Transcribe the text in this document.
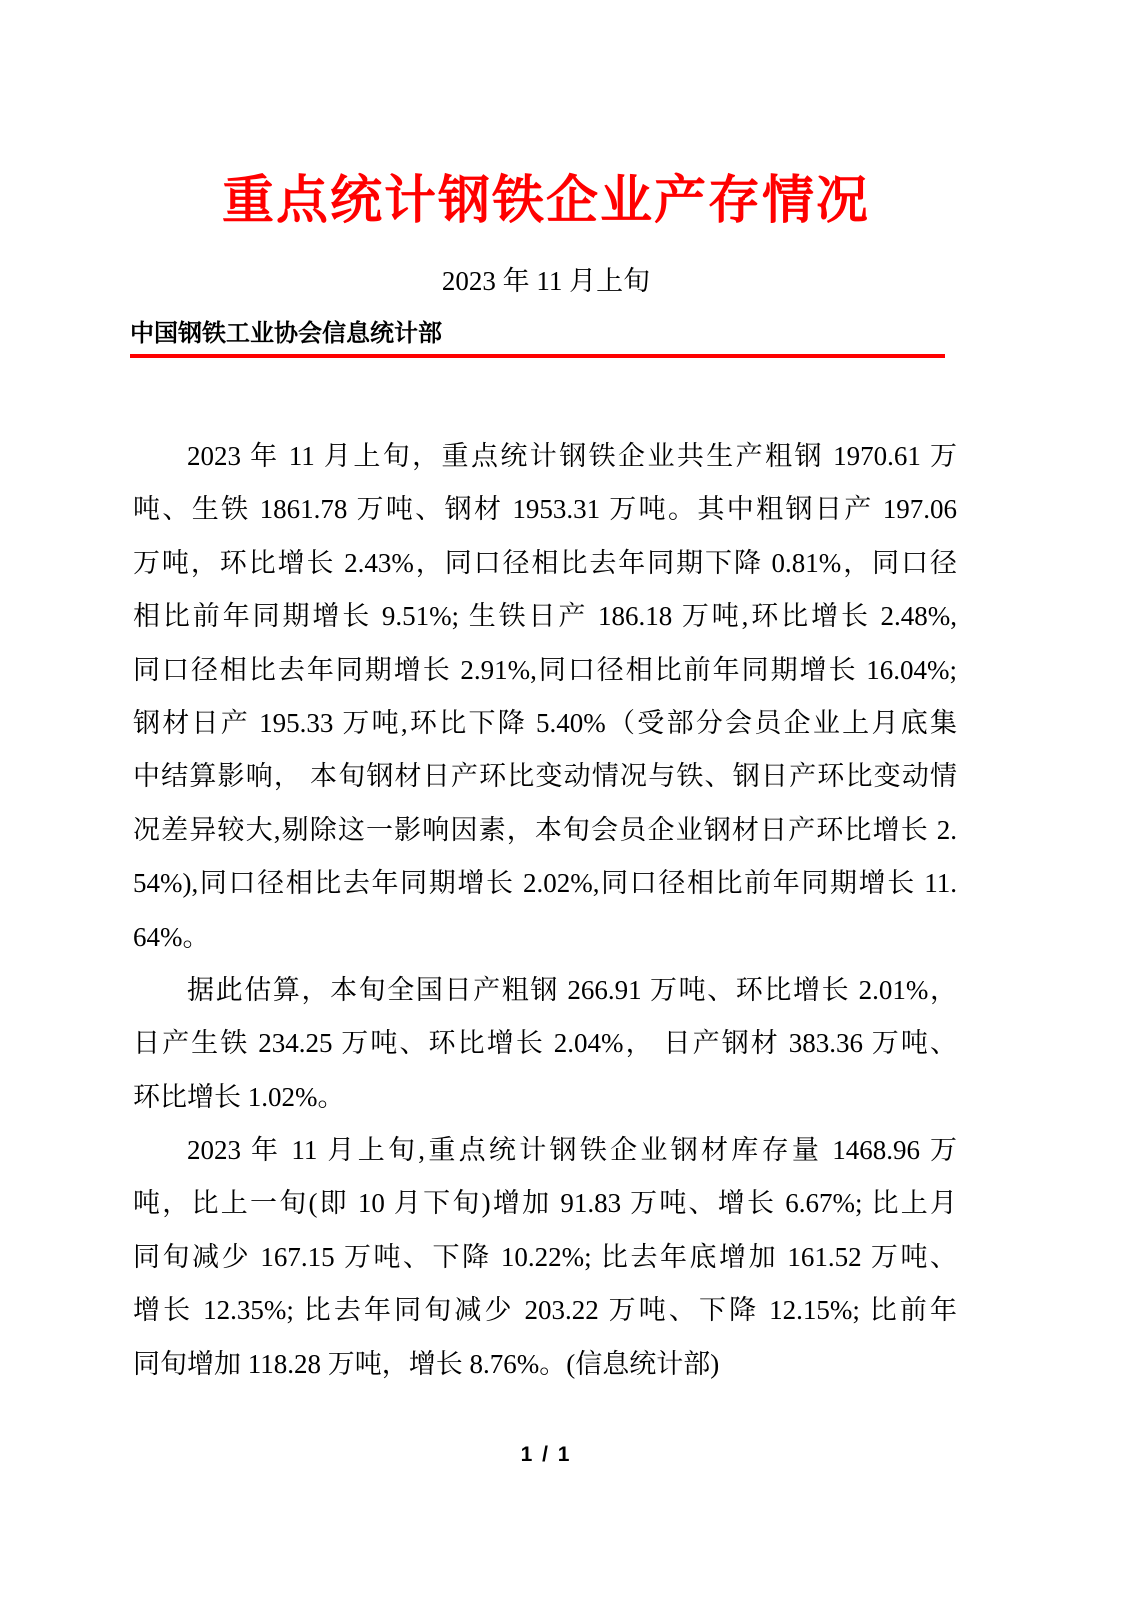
重点统计钢铁企业产存情况
2023 年 11 月上旬
中国钢铁工业协会信息统计部
2023 年 11 月上旬，重点统计钢铁企业共生产粗钢 1970.61 万
吨、生铁 1861.78 万吨、钢材 1953.31 万吨。其中粗钢日产 197.06
万吨，环比增长 2.43%，同口径相比去年同期下降 0.81%，同口径
相比前年同期增长 9.51%; 生铁日产 186.18 万吨,环比增长 2.48%,
同口径相比去年同期增长 2.91%,同口径相比前年同期增长 16.04%;
钢材日产 195.33 万吨,环比下降 5.40%（受部分会员企业上月底集
中结算影响， 本旬钢材日产环比变动情况与铁、钢日产环比变动情
况差异较大,剔除这一影响因素，本旬会员企业钢材日产环比增长 2.
54%),同口径相比去年同期增长 2.02%,同口径相比前年同期增长 11.
64%。
据此估算，本旬全国日产粗钢 266.91 万吨、环比增长 2.01%，
日产生铁 234.25 万吨、环比增长 2.04%， 日产钢材 383.36 万吨、
环比增长 1.02%。
2023 年 11 月上旬,重点统计钢铁企业钢材库存量 1468.96 万
吨，比上一旬(即 10 月下旬)增加 91.83 万吨、增长 6.67%; 比上月
同旬减少 167.15 万吨、下降 10.22%; 比去年底增加 161.52 万吨、
增长 12.35%; 比去年同旬减少 203.22 万吨、下降 12.15%; 比前年
同旬增加 118.28 万吨，增长 8.76%。(信息统计部)
1 / 1
